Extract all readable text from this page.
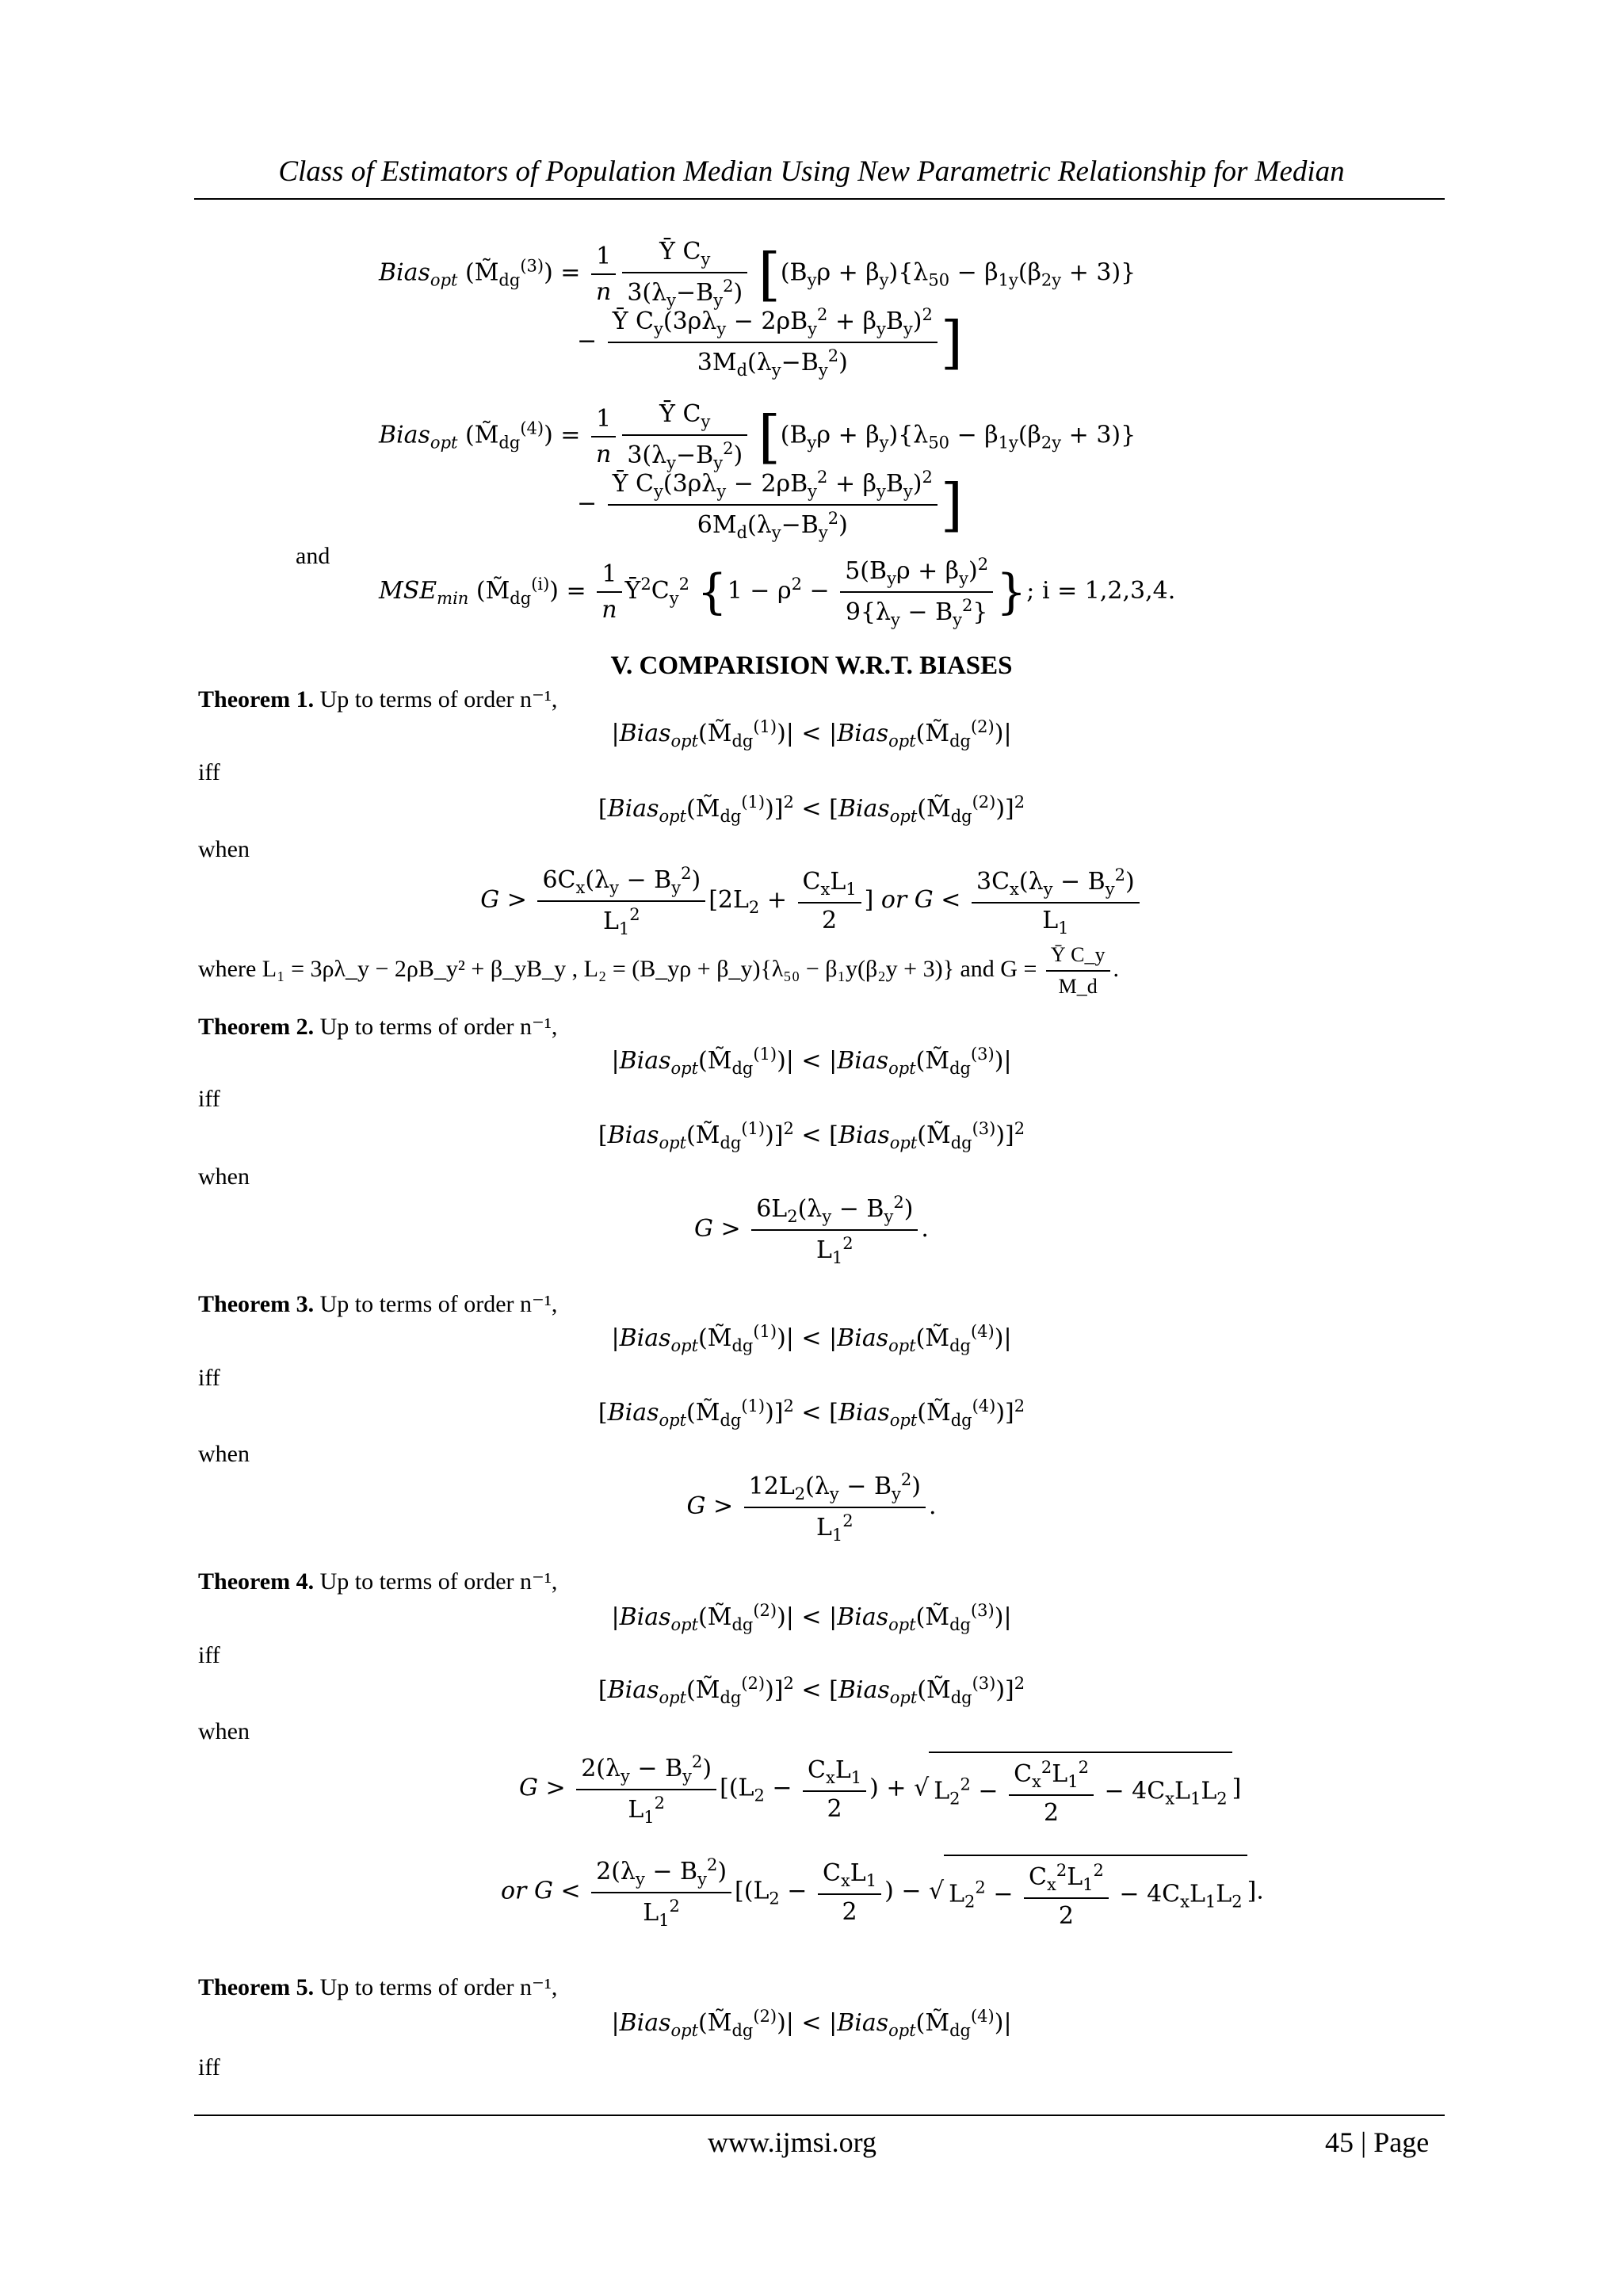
Class of Estimators of Population Median Using New Parametric Relationship for Median
Bias$_{opt}$ $(M̃_{dg}^{(3)}) = \frac{1}{n} \frac{Ȳ C_y}{3(\lambda_y-B_y^2)} [(B_y\rho + \beta_y)\{\lambda_{50} - \beta_{1y}(\beta_{2y} + 3)\}$
− $\frac{Ȳ C_y(3\rho\lambda_y - 2\rho B_y^2 + \beta_yB_y)^2}{3M_d(\lambda_y-B_y^2)}$ ]
Bias$_{opt}$ $(M̃_{dg}^{(4)}) = \frac{1}{n} \frac{Ȳ C_y}{3(\lambda_y-B_y^2)} [(B_y\rho + \beta_y)\{\lambda_{50} - \beta_{1y}(\beta_{2y} + 3)\}$
− $\frac{Ȳ C_y(3\rho\lambda_y - 2\rho B_y^2 + \beta_yB_y)^2}{6M_d(\lambda_y-B_y^2)}$ ]
and
$MSE_{min}$ $(M̃_{dg}^{(i)}) = \frac{1}{n}$ $Ȳ^2C_y^2$ {$1 - \rho^2 - \frac{5(B_y\rho + \beta_y)^2}{9\{\lambda_y - B_y^2\}}$ }; i = 1,2,3,4.
V. COMPARISION W.R.T. BIASES
Theorem 1. Up to terms of order n⁻¹,
$|Bias_{opt}(M̃_{dg}^{(1)})|$ < $|Bias_{opt}(M̃_{dg}^{(2)})|$
iff
$[Bias_{opt}(M̃_{dg}^{(1)})]^2$ < $[Bias_{opt}(M̃_{dg}^{(2)})]^2$
when
$G > \frac{6C_x(\lambda_y - B_y^2)}{L_1^2} [2L_2 + \frac{C_xL_1}{2}$ ] or $G < \frac{3C_x(\lambda_y - B_y^2)}{L_1}$
where L₁ = 3ρλ_y − 2ρB_y² + β_yB_y , L₂ = (B_yρ + β_y){λ₅₀ − β₁y(β₂y + 3)} and $G = \frac{\text{Ȳ C\_y}}{M\_d}$ .
Theorem 2. Up to terms of order n⁻¹,
$|Bias_{opt}(M̃_{dg}^{(1)})|$ < $|Bias_{opt}(M̃_{dg}^{(3)})|$
iff
$[Bias_{opt}(M̃_{dg}^{(1)})]^2$ < $[Bias_{opt}(M̃_{dg}^{(3)})]^2$
when
$G > \frac{6L_2(\lambda_y - B_y^2)}{L_1^2}$ .
Theorem 3. Up to terms of order n⁻¹,
$|Bias_{opt}(M̃_{dg}^{(1)})|$ < $|Bias_{opt}(M̃_{dg}^{(4)})|$
iff
$[Bias_{opt}(M̃_{dg}^{(1)})]^2$ < $[Bias_{opt}(M̃_{dg}^{(4)})]^2$
when
$G > \frac{12L_2(\lambda_y - B_y^2)}{L_1^2}$ .
Theorem 4. Up to terms of order n⁻¹,
$|Bias_{opt}(M̃_{dg}^{(2)})|$ < $|Bias_{opt}(M̃_{dg}^{(3)})|$
iff
$[Bias_{opt}(M̃_{dg}^{(2)})]^2$ < $[Bias_{opt}(M̃_{dg}^{(3)})]^2$
when
$G > \frac{2(\lambda_y - B_y^2)}{L_1^2} [(L_2 - \frac{C_xL_1}{2}$ ) + √ $L_2^2 - \frac{C_x^2L_1^2}{2} - 4C_xL_1L_2$ ]
or $G < \frac{2(\lambda_y - B_y^2)}{L_1^2} [(L_2 - \frac{C_xL_1}{2}$ ) − √ $L_2^2 - \frac{C_x^2L_1^2}{2} - 4C_xL_1L_2$ ].
Theorem 5. Up to terms of order n⁻¹,
$|Bias_{opt}(M̃_{dg}^{(2)})|$ < $|Bias_{opt}(M̃_{dg}^{(4)})|$
iff
www.ijmsi.org	45 | Page
